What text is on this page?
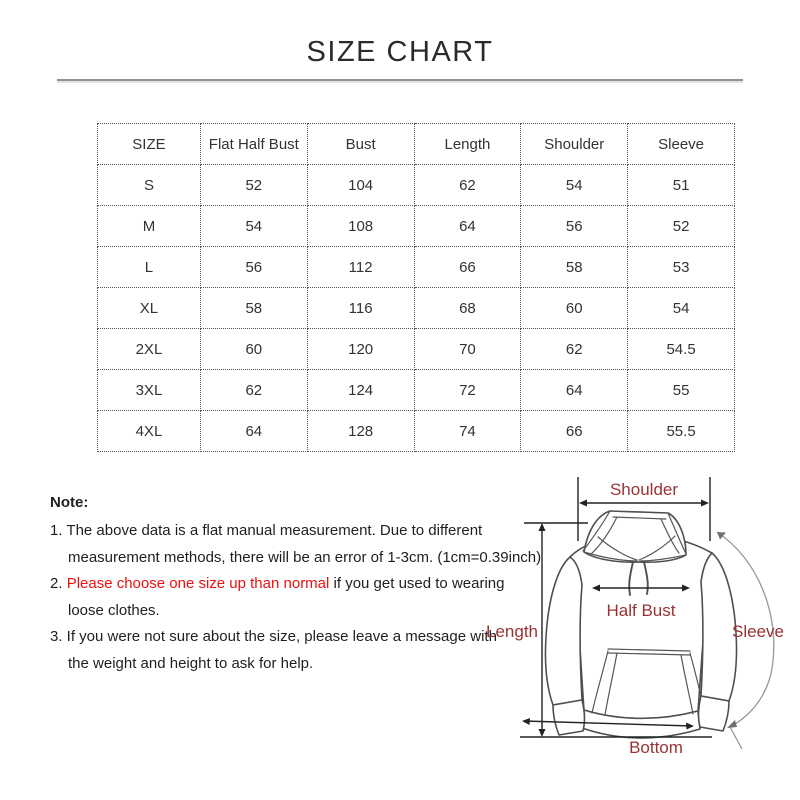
SIZE CHART
SIZE	Flat Half Bust	Bust	Length	Shoulder	Sleeve
S	52	104	62	54	51
M	54	108	64	56	52
L	56	112	66	58	53
XL	58	116	68	60	54
2XL	60	120	70	62	54.5
3XL	62	124	72	64	55
4XL	64	128	74	66	55.5
Note:
1. The above data is a flat manual measurement. Due to different
measurement methods, there will be an error of 1-3cm. (1cm=0.39inch)
2. Please choose one size up than normal if you get used to wearing
loose clothes.
3. If you were not sure about the size, please leave a message with
the weight and height to ask for help.
Shoulder
Half Bust
Length	Sleeve
Bottom
